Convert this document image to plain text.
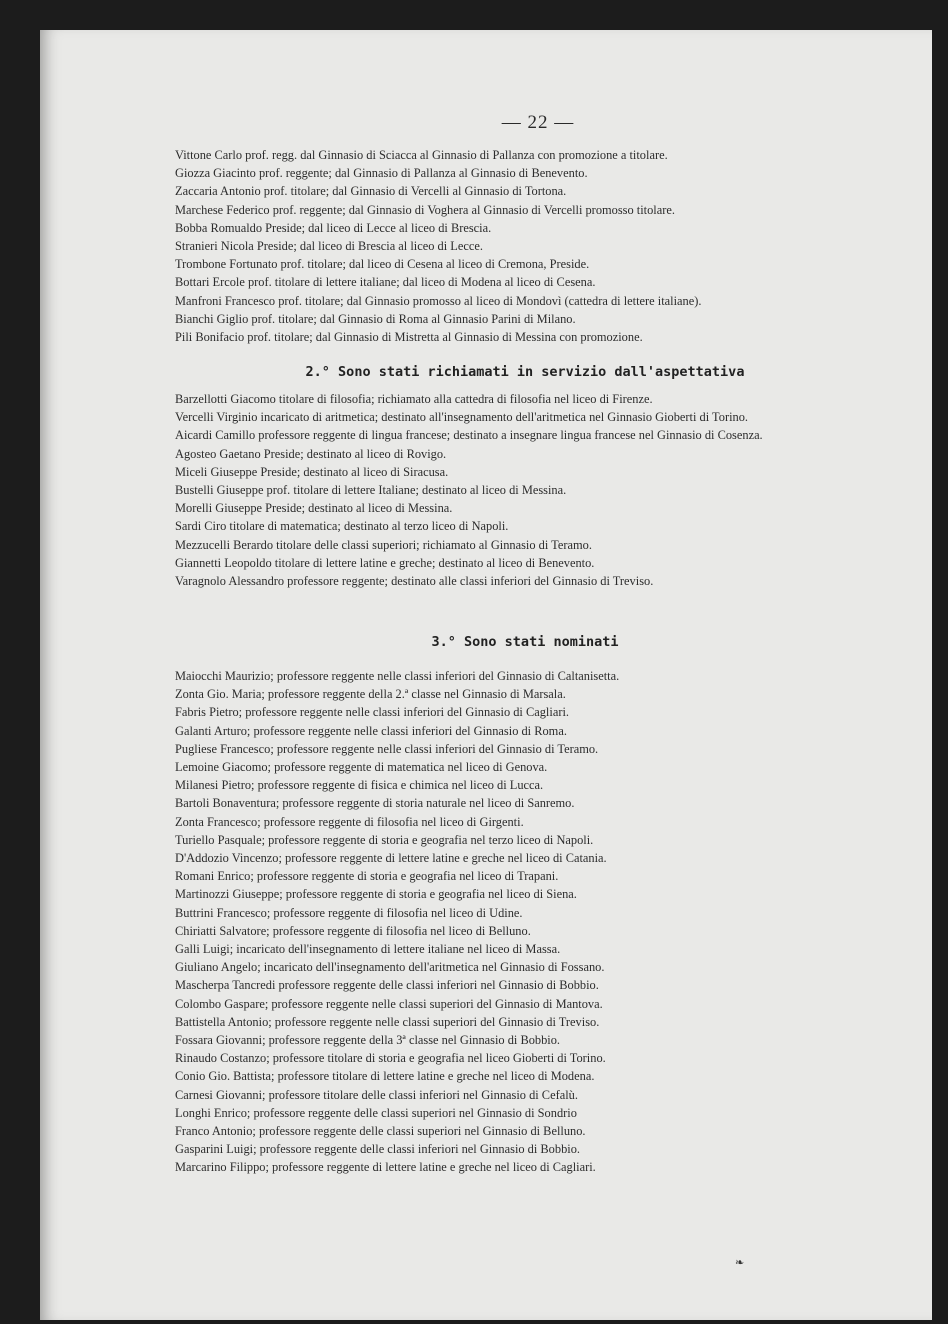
— 22 —
Vittone Carlo prof. regg. dal Ginnasio di Sciacca al Ginnasio di Pallanza con promozione a titolare.
Giozza Giacinto prof. reggente; dal Ginnasio di Pallanza al Ginnasio di Benevento.
Zaccaria Antonio prof. titolare; dal Ginnasio di Vercelli al Ginnasio di Tortona.
Marchese Federico prof. reggente; dal Ginnasio di Voghera al Ginnasio di Vercelli promosso titolare.
Bobba Romualdo Preside; dal liceo di Lecce al liceo di Brescia.
Stranieri Nicola Preside; dal liceo di Brescia al liceo di Lecce.
Trombone Fortunato prof. titolare; dal liceo di Cesena al liceo di Cremona, Preside.
Bottari Ercole prof. titolare di lettere italiane; dal liceo di Modena al liceo di Cesena.
Manfroni Francesco prof. titolare; dal Ginnasio promosso al liceo di Mondovì (cattedra di lettere italiane).
Bianchi Giglio prof. titolare; dal Ginnasio di Roma al Ginnasio Parini di Milano.
Pili Bonifacio prof. titolare; dal Ginnasio di Mistretta al Ginnasio di Messina con promozione.
2.° Sono stati richiamati in servizio dall'aspettativa
Barzellotti Giacomo titolare di filosofia; richiamato alla cattedra di filosofia nel liceo di Firenze.
Vercelli Virginio incaricato di aritmetica; destinato all'insegnamento dell'aritmetica nel Ginnasio Gioberti di Torino.
Aicardi Camillo professore reggente di lingua francese; destinato a insegnare lingua francese nel Ginnasio di Cosenza.
Agosteo Gaetano Preside; destinato al liceo di Rovigo.
Miceli Giuseppe Preside; destinato al liceo di Siracusa.
Bustelli Giuseppe prof. titolare di lettere Italiane; destinato al liceo di Messina.
Morelli Giuseppe Preside; destinato al liceo di Messina.
Sardi Ciro titolare di matematica; destinato al terzo liceo di Napoli.
Mezzucelli Berardo titolare delle classi superiori; richiamato al Ginnasio di Teramo.
Giannetti Leopoldo titolare di lettere latine e greche; destinato al liceo di Benevento.
Varagnolo Alessandro professore reggente; destinato alle classi inferiori del Ginnasio di Treviso.
3.° Sono stati nominati
Maiocchi Maurizio; professore reggente nelle classi inferiori del Ginnasio di Caltanisetta.
Zonta Gio. Maria; professore reggente della 2.ª classe nel Ginnasio di Marsala.
Fabris Pietro; professore reggente nelle classi inferiori del Ginnasio di Cagliari.
Galanti Arturo; professore reggente nelle classi inferiori del Ginnasio di Roma.
Pugliese Francesco; professore reggente nelle classi inferiori del Ginnasio di Teramo.
Lemoine Giacomo; professore reggente di matematica nel liceo di Genova.
Milanesi Pietro; professore reggente di fisica e chimica nel liceo di Lucca.
Bartoli Bonaventura; professore reggente di storia naturale nel liceo di Sanremo.
Zonta Francesco; professore reggente di filosofia nel liceo di Girgenti.
Turiello Pasquale; professore reggente di storia e geografia nel terzo liceo di Napoli.
D'Addozio Vincenzo; professore reggente di lettere latine e greche nel liceo di Catania.
Romani Enrico; professore reggente di storia e geografia nel liceo di Trapani.
Martinozzi Giuseppe; professore reggente di storia e geografia nel liceo di Siena.
Buttrini Francesco; professore reggente di filosofia nel liceo di Udine.
Chiriatti Salvatore; professore reggente di filosofia nel liceo di Belluno.
Galli Luigi; incaricato dell'insegnamento di lettere italiane nel liceo di Massa.
Giuliano Angelo; incaricato dell'insegnamento dell'aritmetica nel Ginnasio di Fossano.
Mascherpa Tancredi professore reggente delle classi inferiori nel Ginnasio di Bobbio.
Colombo Gaspare; professore reggente nelle classi superiori del Ginnasio di Mantova.
Battistella Antonio; professore reggente nelle classi superiori del Ginnasio di Treviso.
Fossara Giovanni; professore reggente della 3ª classe nel Ginnasio di Bobbio.
Rinaudo Costanzo; professore titolare di storia e geografia nel liceo Gioberti di Torino.
Conio Gio. Battista; professore titolare di lettere latine e greche nel liceo di Modena.
Carnesi Giovanni; professore titolare delle classi inferiori nel Ginnasio di Cefalù.
Longhi Enrico; professore reggente delle classi superiori nel Ginnasio di Sondrio
Franco Antonio; professore reggente delle classi superiori nel Ginnasio di Belluno.
Gasparini Luigi; professore reggente delle classi inferiori nel Ginnasio di Bobbio.
Marcarino Filippo; professore reggente di lettere latine e greche nel liceo di Cagliari.
❧
